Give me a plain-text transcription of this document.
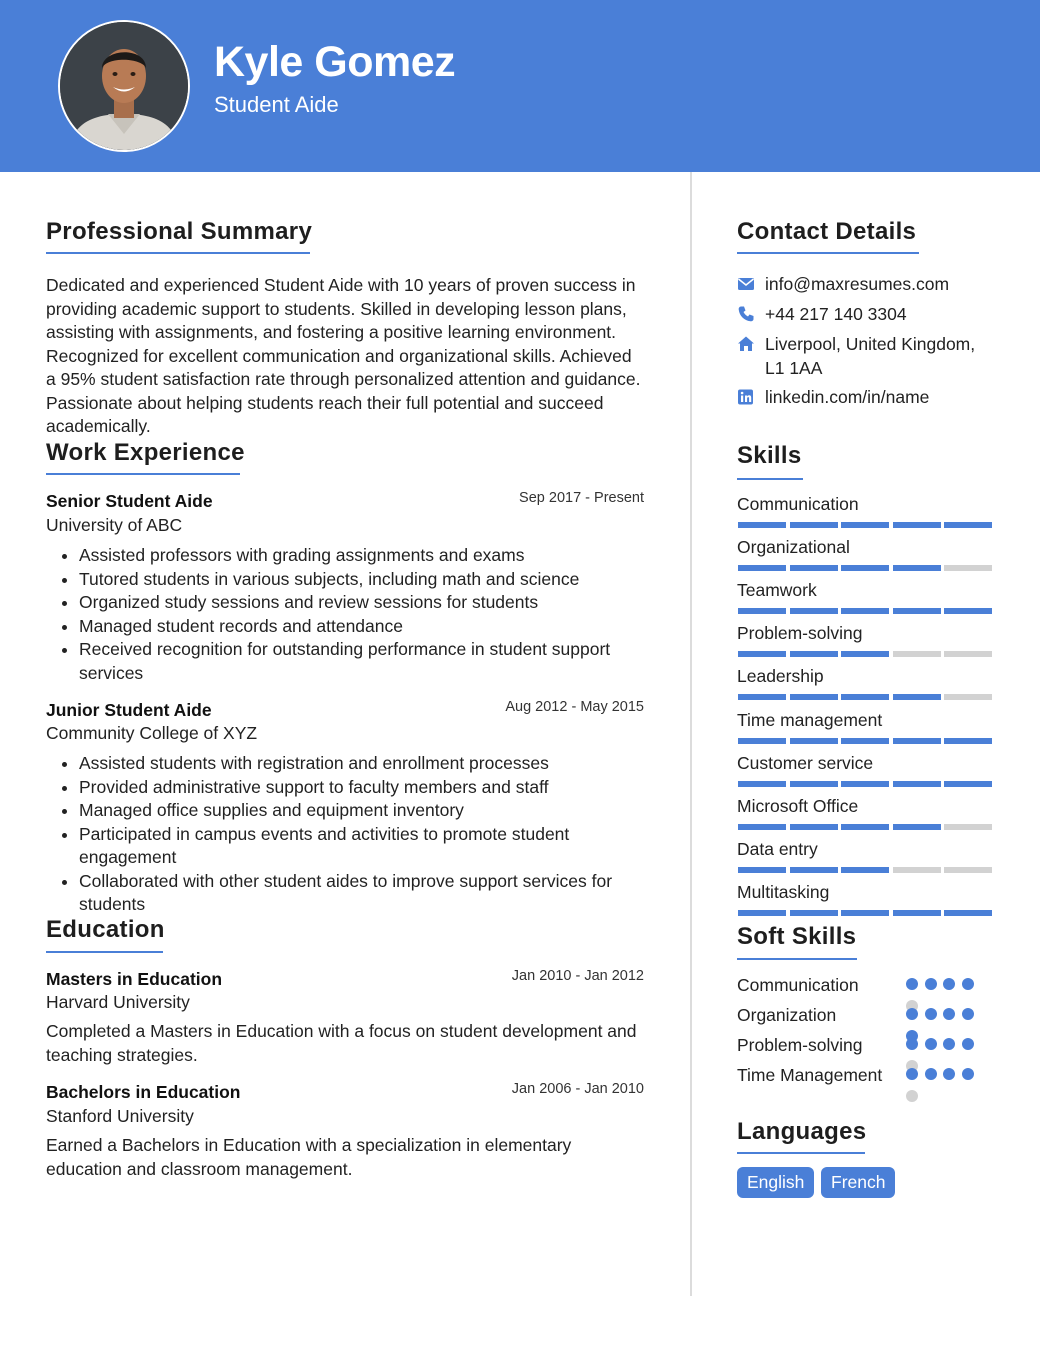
Kyle Gomez
Student Aide
Professional Summary
Dedicated and experienced Student Aide with 10 years of proven success in providing academic support to students. Skilled in developing lesson plans, assisting with assignments, and fostering a positive learning environment. Recognized for excellent communication and organizational skills. Achieved a 95% student satisfaction rate through personalized attention and guidance. Passionate about helping students reach their full potential and succeed academically.
Work Experience
Senior Student Aide	Sep 2017 - Present
University of ABC
• Assisted professors with grading assignments and exams
• Tutored students in various subjects, including math and science
• Organized study sessions and review sessions for students
• Managed student records and attendance
• Received recognition for outstanding performance in student support services
Junior Student Aide	Aug 2012 - May 2015
Community College of XYZ
• Assisted students with registration and enrollment processes
• Provided administrative support to faculty members and staff
• Managed office supplies and equipment inventory
• Participated in campus events and activities to promote student engagement
• Collaborated with other student aides to improve support services for students
Education
Masters in Education	Jan 2010 - Jan 2012
Harvard University
Completed a Masters in Education with a focus on student development and teaching strategies.
Bachelors in Education	Jan 2006 - Jan 2010
Stanford University
Earned a Bachelors in Education with a specialization in elementary education and classroom management.
Contact Details
info@maxresumes.com
+44 217 140 3304
Liverpool, United Kingdom, L1 1AA
linkedin.com/in/name
Skills
Communication
Organizational
Teamwork
Problem-solving
Leadership
Time management
Customer service
Microsoft Office
Data entry
Multitasking
Soft Skills
Communication
Organization
Problem-solving
Time Management
Languages
English	French
